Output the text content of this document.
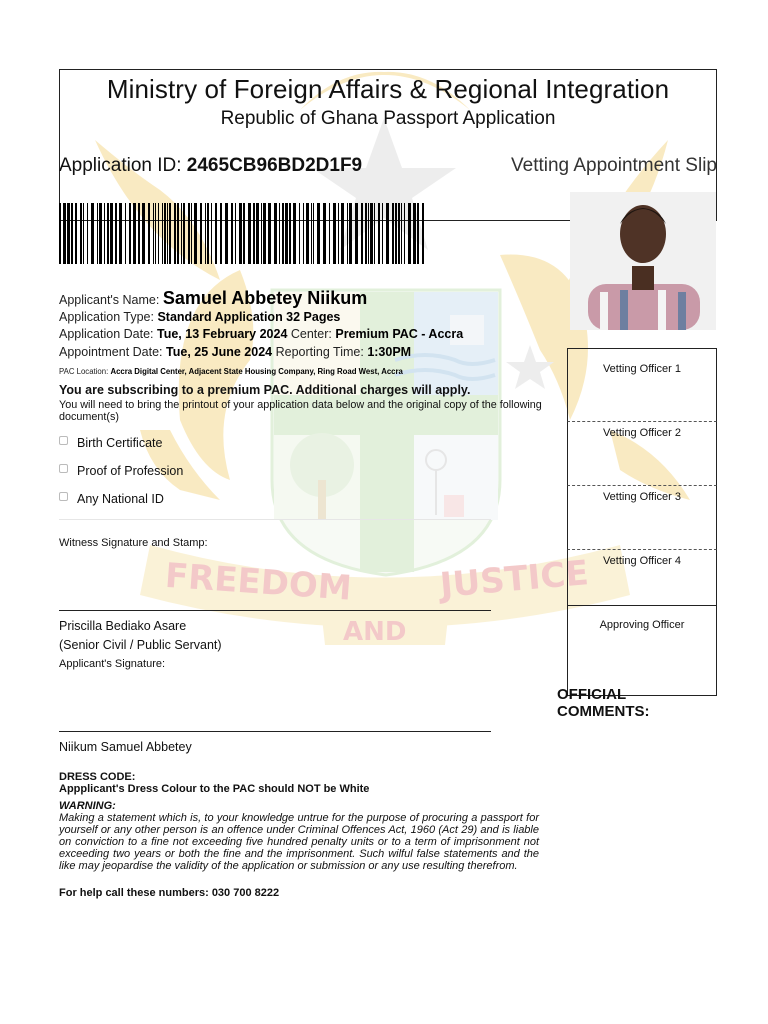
FREEDOM	JUSTICE
AND
Ministry of Foreign Affairs & Regional Integration
Republic of Ghana Passport Application
Application ID: 2465CB96BD2D1F9	Vetting Appointment Slip
Applicant's Name: Samuel Abbetey Niikum
Application Type: Standard Application 32 Pages
Application Date: Tue, 13 February 2024 Center: Premium PAC - Accra
Appointment Date: Tue, 25 June 2024 Reporting Time: 1:30PM
PAC Location: Accra Digital Center, Adjacent State Housing Company, Ring Road West, Accra
You are subscribing to a premium PAC. Additional charges will apply.
You will need to bring the printout of your application data below and the original copy of the following document(s)
Birth Certificate
Proof of Profession
Any National ID
Witness Signature and Stamp:
Priscilla Bediako Asare
(Senior Civil / Public Servant)
Applicant's Signature:
Niikum Samuel Abbetey
Vetting Officer 1
Vetting Officer 2
Vetting Officer 3
Vetting Officer 4
Approving Officer
OFFICIAL
COMMENTS:
DRESS CODE:
Appplicant's Dress Colour to the PAC should NOT be White
WARNING:
Making a statement which is, to your knowledge untrue for the purpose of procuring a passport for yourself or any other person is an offence under Criminal Offences Act, 1960 (Act 29) and is liable on conviction to a fine not exceeding five hundred penalty units or to a term of imprisonment not exceeding two years or both the fine and the imprisonment. Such wilful false statements and the like may jeopardise the validity of the application or submission or any use resulting therefrom.
For help call these numbers: 030 700 8222
